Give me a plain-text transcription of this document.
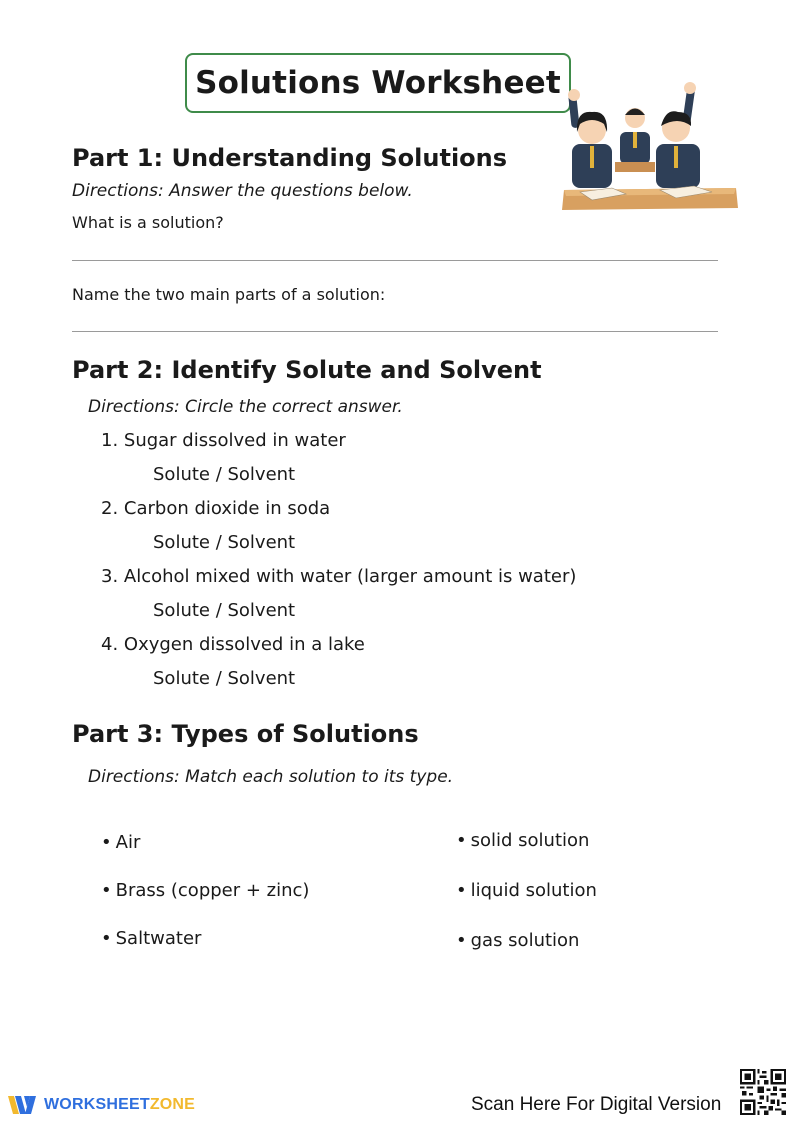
Solutions Worksheet
Part 1: Understanding Solutions
Directions: Answer the questions below.
What is a solution?
Name the two main parts of a solution:
Part 2: Identify Solute and Solvent
Directions: Circle the correct answer.
1. Sugar dissolved in water
Solute / Solvent
2. Carbon dioxide in soda
Solute / Solvent
3. Alcohol mixed with water (larger amount is water)
Solute / Solvent
4. Oxygen dissolved in a lake
Solute / Solvent
Part 3: Types of Solutions
Directions: Match each solution to its type.
• Air
• Brass (copper + zinc)
• Saltwater
• solid solution
• liquid solution
• gas solution
WORKSHEETZONE	Scan Here For Digital Version
